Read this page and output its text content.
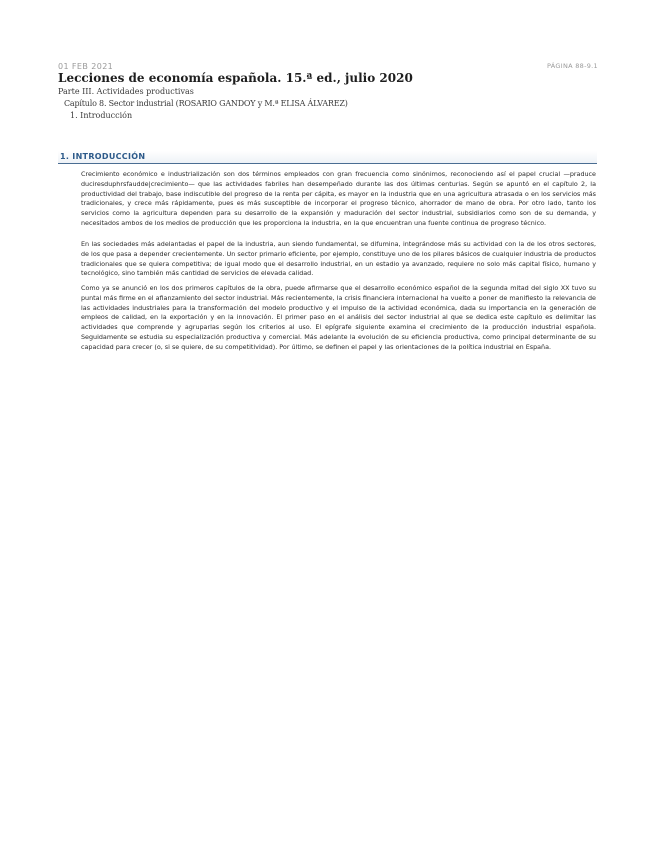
01 FEB 2021	PÁGINA 88-9.1
Lecciones de economía española. 15.ª ed., julio 2020
Parte III. Actividades productivas
Capítulo 8. Sector industrial (ROSARIO GANDOY y M.ª ELISA ÁLVAREZ)
1. Introducción
1. INTRODUCCIÓN

Crecimiento económico e industrialización son dos términos empleados con gran frecuencia como sinónimos, reconociendo así el papel crucial —praduce duciresduphrsfaudde|crecimiento— que las actividades fabriles han desempeñado durante las dos últimas centurias. Según se apuntó en el capítulo 2, la productividad del trabajo, base indiscutible del progreso de la renta per cápita, es mayor en la industria que en una agricultura atrasada o en los servicios más tradicionales, y crece más rápidamente, pues es más susceptible de incorporar el progreso técnico, ahorrador de mano de obra. Por otro lado, tanto los servicios como la agricultura dependen para su desarrollo de la expansión y maduración del sector industrial, subsidiarios como son de su demanda, y necesitados ambos de los medios de producción que les proporciona la industria, en la que encuentran una fuente continua de progreso técnico.

En las sociedades más adelantadas el papel de la industria, aun siendo fundamental, se difumina, integrándose más su actividad con la de los otros sectores, de los que pasa a depender crecientemente. Un sector primario eficiente, por ejemplo, constituye uno de los pilares básicos de cualquier industria de productos tradicionales que se quiera competitiva; de igual modo que el desarrollo industrial, en un estadio ya avanzado, requiere no solo más capital físico, humano y tecnológico, sino también más cantidad de servicios de elevada calidad.

Como ya se anunció en los dos primeros capítulos de la obra, puede afirmarse que el desarrollo económico español de la segunda mitad del siglo XX tuvo su puntal más firme en el afianzamiento del sector industrial. Más recientemente, la crisis financiera internacional ha vuelto a poner de manifiesto la relevancia de las actividades industriales para la transformación del modelo productivo y el impulso de la actividad económica, dada su importancia en la generación de empleos de calidad, en la exportación y en la innovación. El primer paso en el análisis del sector industrial al que se dedica este capítulo es delimitar las actividades que comprende y agruparlas según los criterios al uso. El epígrafe siguiente examina el crecimiento de la producción industrial española. Seguidamente se estudia su especialización productiva y comercial. Más adelante la evolución de su eficiencia productiva, como principal determinante de su capacidad para crecer (o, si se quiere, de su competitividad). Por último, se definen el papel y las orientaciones de la política industrial en España.
